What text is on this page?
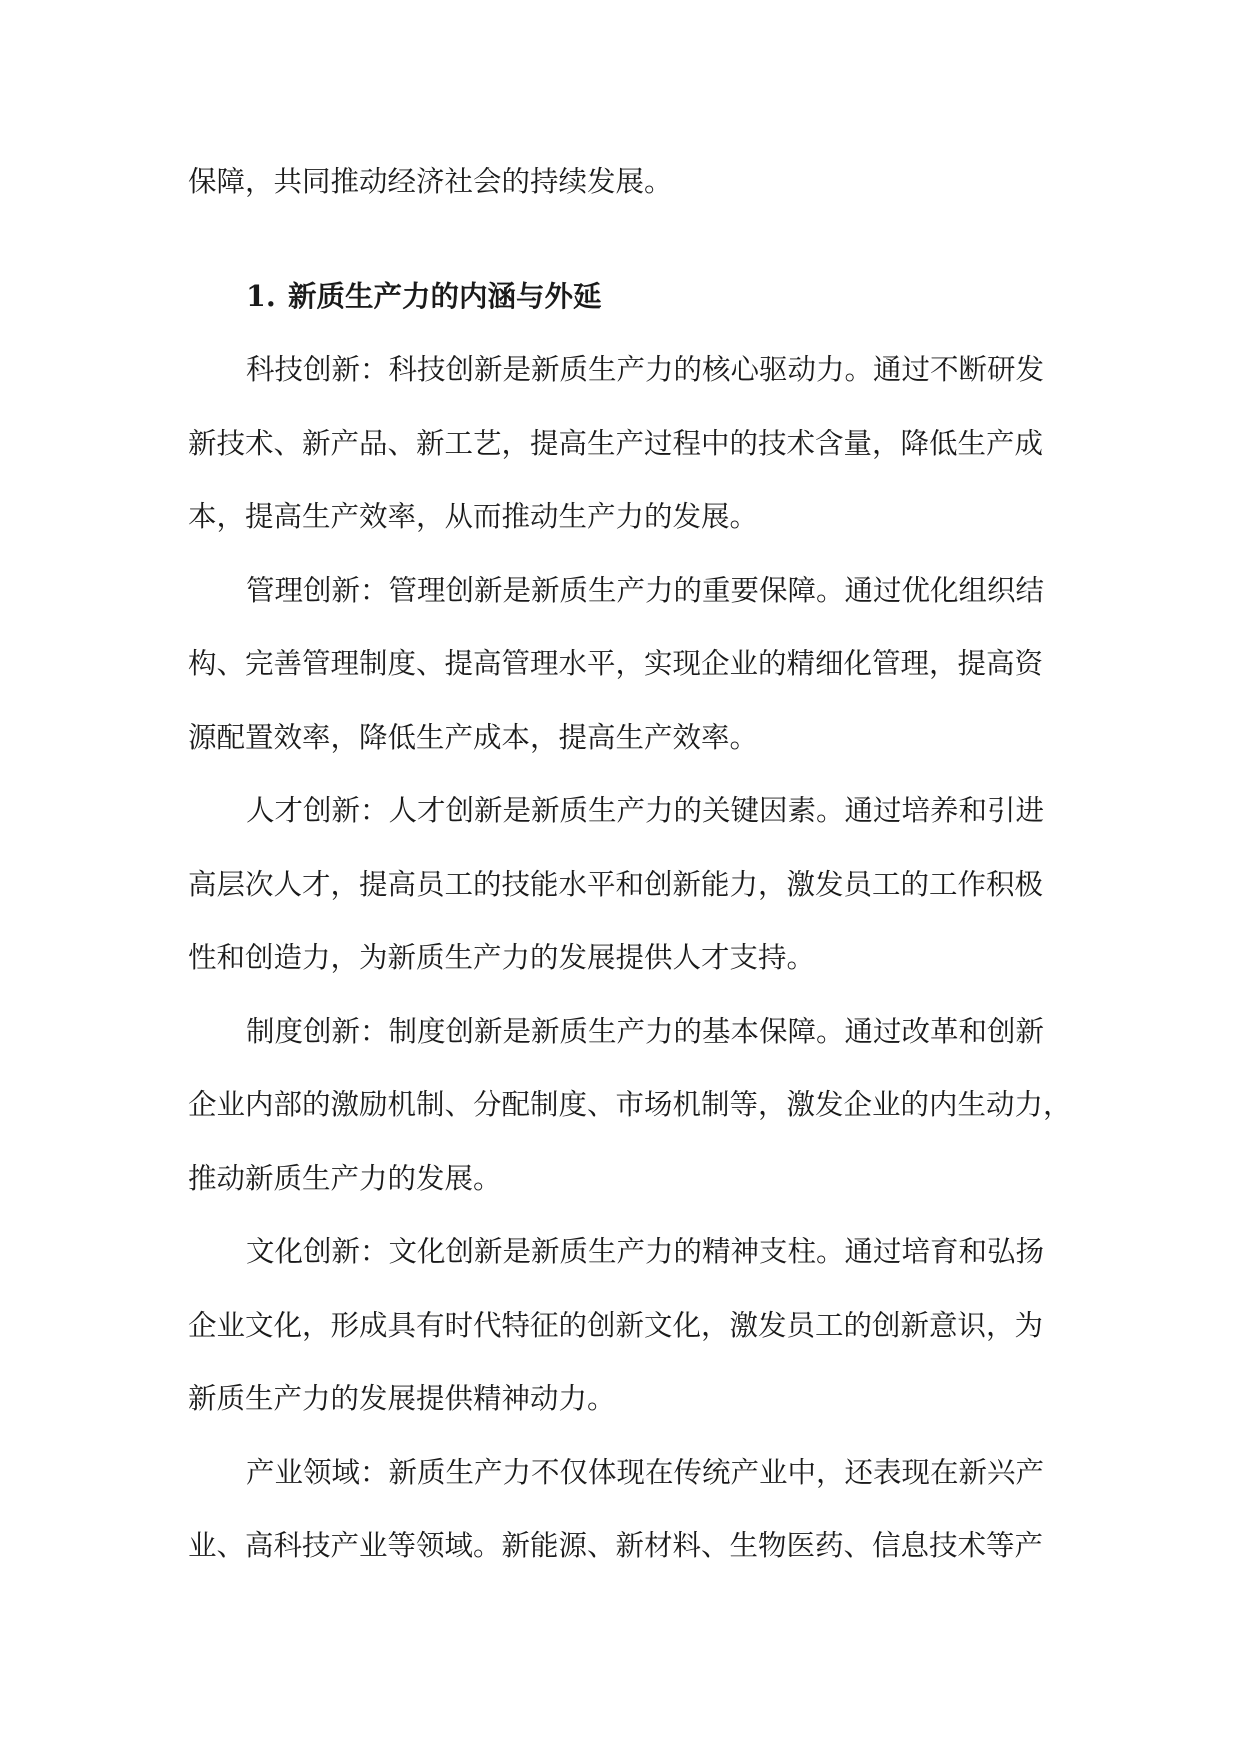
保障，共同推动经济社会的持续发展。
1. 新质生产力的内涵与外延
科技创新：科技创新是新质生产力的核心驱动力。通过不断研发
新技术、新产品、新工艺，提高生产过程中的技术含量，降低生产成
本，提高生产效率，从而推动生产力的发展。
管理创新：管理创新是新质生产力的重要保障。通过优化组织结
构、完善管理制度、提高管理水平，实现企业的精细化管理，提高资
源配置效率，降低生产成本，提高生产效率。
人才创新：人才创新是新质生产力的关键因素。通过培养和引进
高层次人才，提高员工的技能水平和创新能力，激发员工的工作积极
性和创造力，为新质生产力的发展提供人才支持。
制度创新：制度创新是新质生产力的基本保障。通过改革和创新
企业内部的激励机制、分配制度、市场机制等，激发企业的内生动力，
推动新质生产力的发展。
文化创新：文化创新是新质生产力的精神支柱。通过培育和弘扬
企业文化，形成具有时代特征的创新文化，激发员工的创新意识，为
新质生产力的发展提供精神动力。
产业领域：新质生产力不仅体现在传统产业中，还表现在新兴产
业、高科技产业等领域。新能源、新材料、生物医药、信息技术等产
